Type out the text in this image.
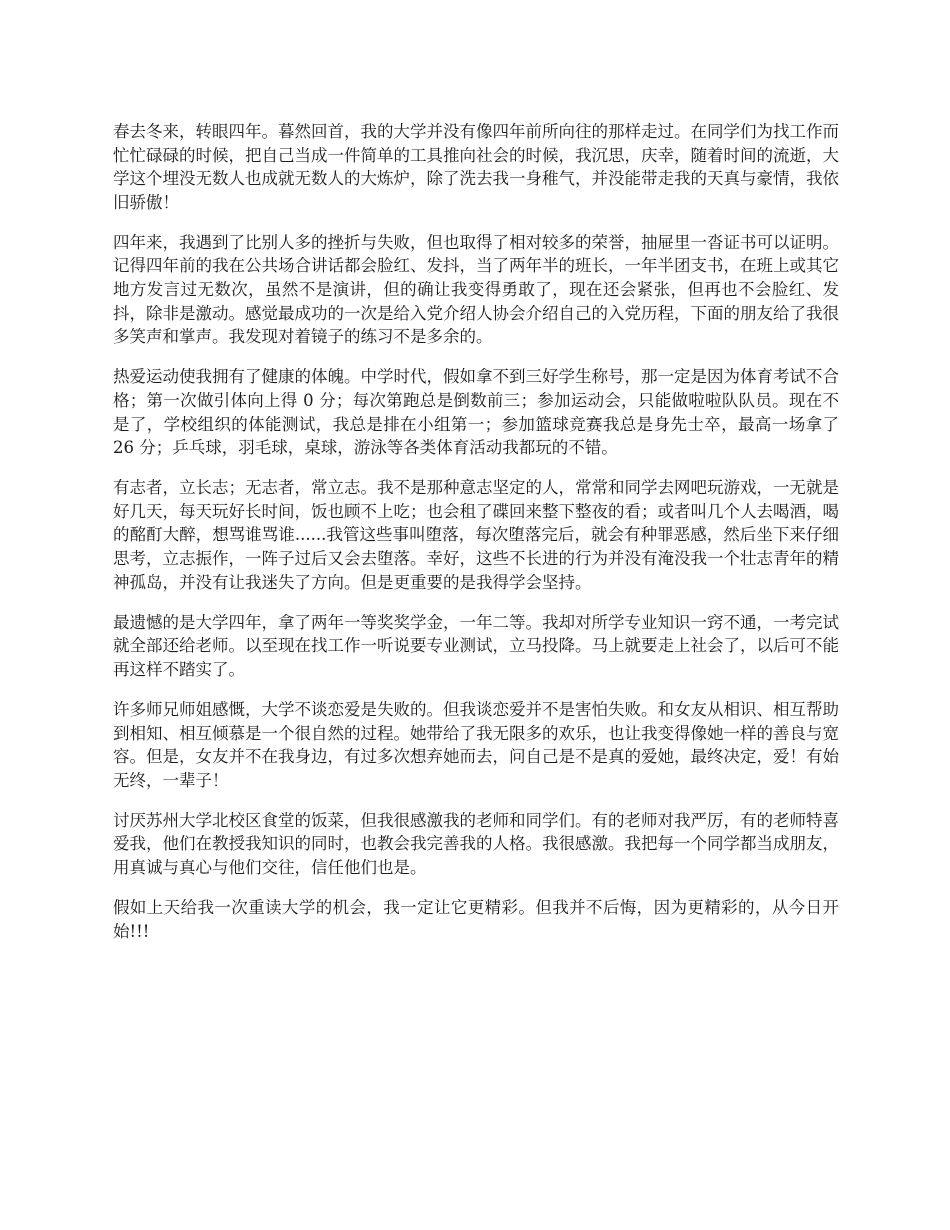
春去冬来，转眼四年。暮然回首，我的大学并没有像四年前所向往的那样走过。在同学们为找工作而忙忙碌碌的时候，把自己当成一件简单的工具推向社会的时候，我沉思，庆幸，随着时间的流逝，大学这个埋没无数人也成就无数人的大炼炉，除了洗去我一身稚气，并没能带走我的天真与豪情，我依旧骄傲！

四年来，我遇到了比别人多的挫折与失败，但也取得了相对较多的荣誉，抽屉里一沓证书可以证明。记得四年前的我在公共场合讲话都会脸红、发抖，当了两年半的班长，一年半团支书，在班上或其它地方发言过无数次，虽然不是演讲，但的确让我变得勇敢了，现在还会紧张，但再也不会脸红、发抖，除非是激动。感觉最成功的一次是给入党介绍人协会介绍自己的入党历程，下面的朋友给了我很多笑声和掌声。我发现对着镜子的练习不是多余的。

热爱运动使我拥有了健康的体魄。中学时代，假如拿不到三好学生称号，那一定是因为体育考试不合格；第一次做引体向上得 0 分；每次第跑总是倒数前三；参加运动会，只能做啦啦队队员。现在不是了，学校组织的体能测试，我总是排在小组第一；参加篮球竞赛我总是身先士卒，最高一场拿了 26 分；乒乓球，羽毛球，桌球，游泳等各类体育活动我都玩的不错。

有志者，立长志；无志者，常立志。我不是那种意志坚定的人，常常和同学去网吧玩游戏，一无就是好几天，每天玩好长时间，饭也顾不上吃；也会租了碟回来整下整夜的看；或者叫几个人去喝酒，喝的酩酊大醉，想骂谁骂谁......我管这些事叫堕落，每次堕落完后，就会有种罪恶感，然后坐下来仔细思考，立志振作，一阵子过后又会去堕落。幸好，这些不长进的行为并没有淹没我一个壮志青年的精神孤岛，并没有让我迷失了方向。但是更重要的是我得学会坚持。

最遗憾的是大学四年，拿了两年一等奖奖学金，一年二等。我却对所学专业知识一窍不通，一考完试就全部还给老师。以至现在找工作一听说要专业测试，立马投降。马上就要走上社会了，以后可不能再这样不踏实了。

许多师兄师姐感慨，大学不谈恋爱是失败的。但我谈恋爱并不是害怕失败。和女友从相识、相互帮助到相知、相互倾慕是一个很自然的过程。她带给了我无限多的欢乐，也让我变得像她一样的善良与宽容。但是，女友并不在我身边，有过多次想弃她而去，问自己是不是真的爱她，最终决定，爱！有始无终，一辈子！

讨厌苏州大学北校区食堂的饭菜，但我很感激我的老师和同学们。有的老师对我严厉，有的老师特喜爱我，他们在教授我知识的同时，也教会我完善我的人格。我很感激。我把每一个同学都当成朋友，用真诚与真心与他们交往，信任他们也是。

假如上天给我一次重读大学的机会，我一定让它更精彩。但我并不后悔，因为更精彩的，从今日开始!!!
